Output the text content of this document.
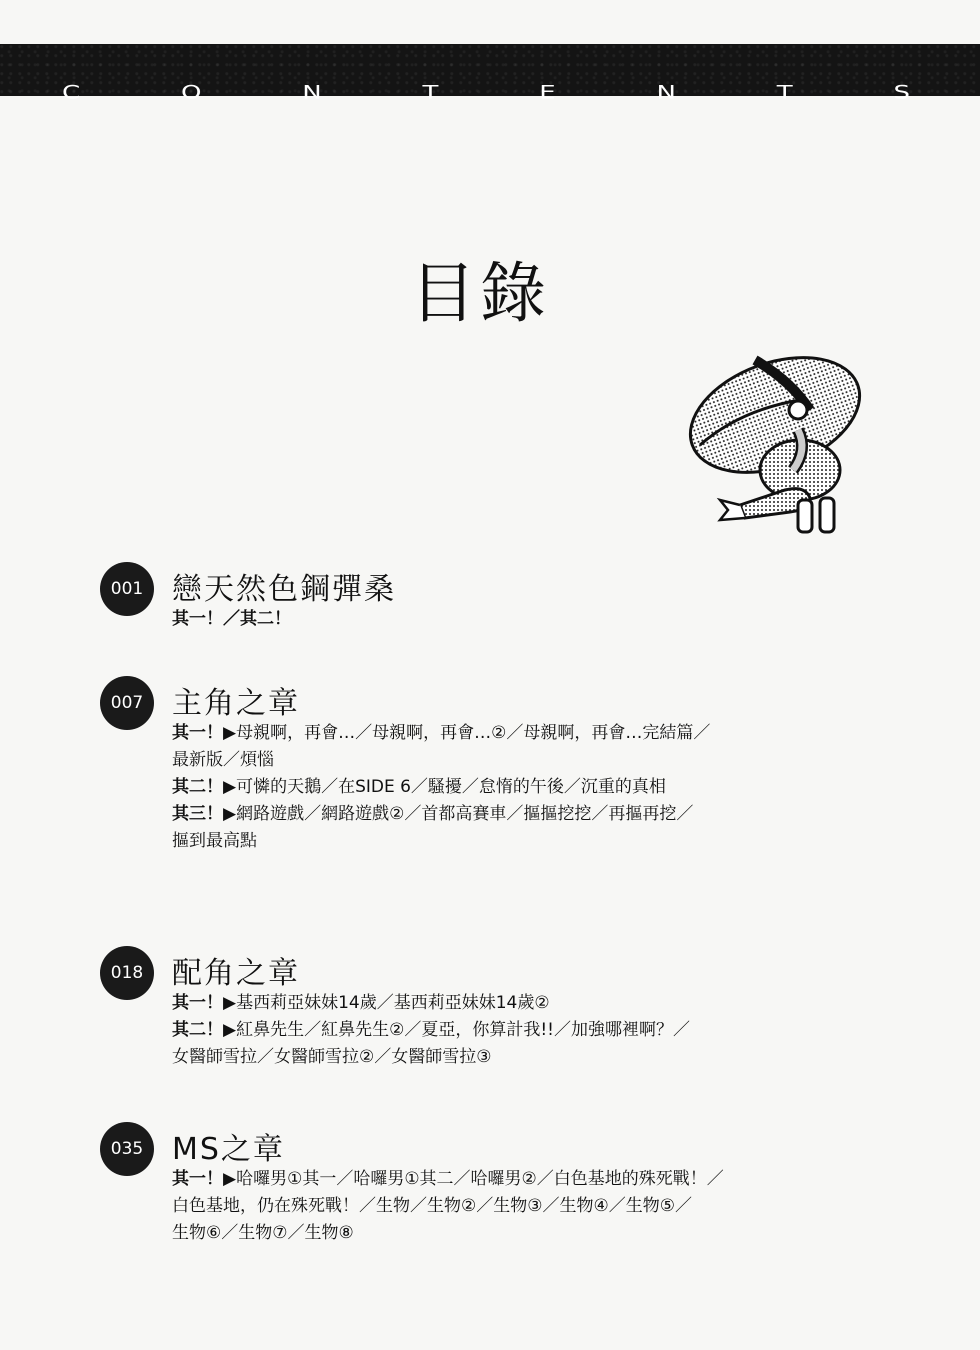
C	O	N	T	E	N	T	S
目錄
001 戀天然色鋼彈桑
其一！／其二！
007 主角之章
其一！▶母親啊，再會…／母親啊，再會…②／母親啊，再會…完結篇／
最新版／煩惱
其二！▶可憐的天鵝／在SIDE 6／騷擾／怠惰的午後／沉重的真相
其三！▶網路遊戲／網路遊戲②／首都高賽車／摳摳挖挖／再摳再挖／
摳到最高點
018 配角之章
其一！▶基西莉亞妹妹14歲／基西莉亞妹妹14歲②
其二！▶紅鼻先生／紅鼻先生②／夏亞，你算計我!!／加強哪裡啊？／
女醫師雪拉／女醫師雪拉②／女醫師雪拉③
035 MS之章
其一！▶哈囉男①其一／哈囉男①其二／哈囉男②／白色基地的殊死戰！／
白色基地，仍在殊死戰！／生物／生物②／生物③／生物④／生物⑤／
生物⑥／生物⑦／生物⑧
